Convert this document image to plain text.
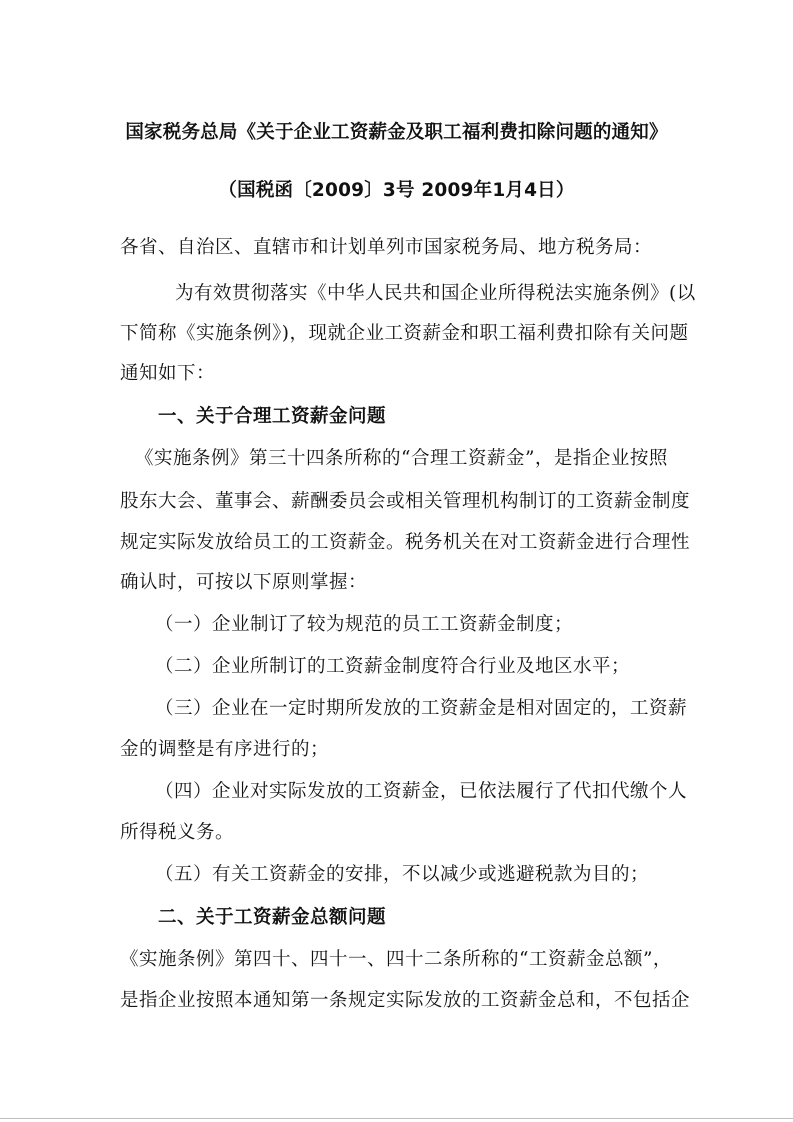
国家税务总局《关于企业工资薪金及职工福利费扣除问题的通知》
（国税函〔2009〕3号 2009年1月4日）
各省、自治区、直辖市和计划单列市国家税务局、地方税务局：
为有效贯彻落实《中华人民共和国企业所得税法实施条例》(以
下简称《实施条例》)，现就企业工资薪金和职工福利费扣除有关问题
通知如下：
一、关于合理工资薪金问题
《实施条例》第三十四条所称的“合理工资薪金”，是指企业按照
股东大会、董事会、薪酬委员会或相关管理机构制订的工资薪金制度
规定实际发放给员工的工资薪金。税务机关在对工资薪金进行合理性
确认时，可按以下原则掌握：
（一）企业制订了较为规范的员工工资薪金制度；
（二）企业所制订的工资薪金制度符合行业及地区水平；
（三）企业在一定时期所发放的工资薪金是相对固定的，工资薪
金的调整是有序进行的；
（四）企业对实际发放的工资薪金，已依法履行了代扣代缴个人
所得税义务。
（五）有关工资薪金的安排，不以减少或逃避税款为目的；
二、关于工资薪金总额问题
《实施条例》第四十、四十一、四十二条所称的“工资薪金总额”，
是指企业按照本通知第一条规定实际发放的工资薪金总和，不包括企
